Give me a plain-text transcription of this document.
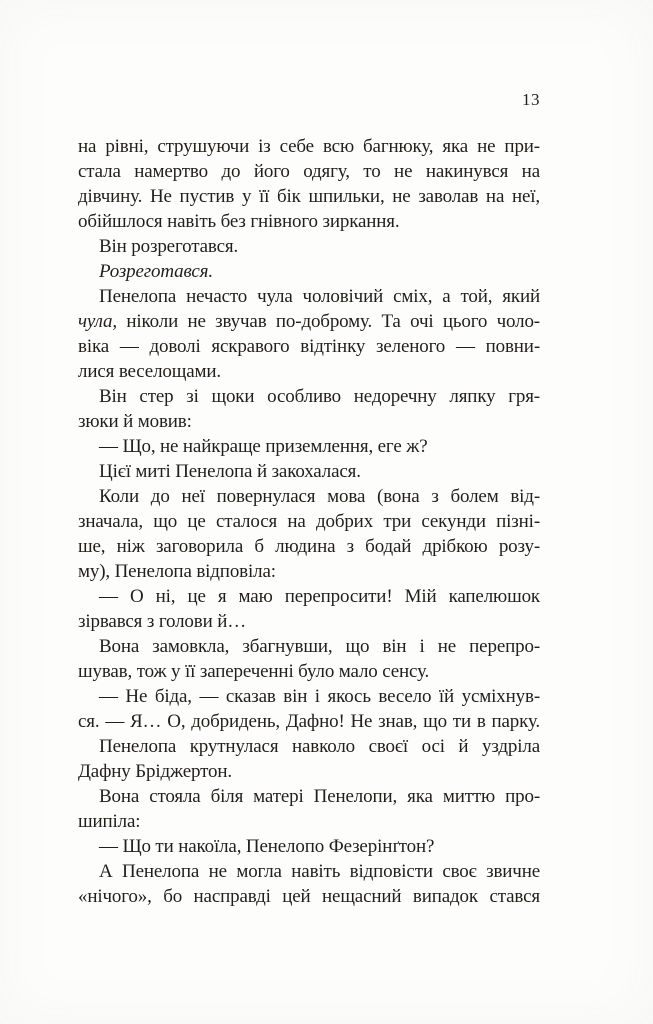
13
на рівні, струшуючи із себе всю багнюку, яка не при-
стала намертво до його одягу, то не накинувся на
дівчину. Не пустив у її бік шпильки, не заволав на неї,
обійшлося навіть без гнівного зиркання.
Він розреготався.
Розреготався.
Пенелопа нечасто чула чоловічий сміх, а той, який
чула, ніколи не звучав по-доброму. Та очі цього чоло-
віка — доволі яскравого відтінку зеленого — повни-
лися веселощами.
Він стер зі щоки особливо недоречну ляпку гря-
зюки й мовив:
— Що, не найкраще приземлення, еге ж?
Цієї миті Пенелопа й закохалася.
Коли до неї повернулася мова (вона з болем від-
значала, що це сталося на добрих три секунди пізні-
ше, ніж заговорила б людина з бодай дрібкою розу-
му), Пенелопа відповіла:
— О ні, це я маю перепросити! Мій капелюшок
зірвався з голови й…
Вона замовкла, збагнувши, що він і не перепро-
шував, тож у її запереченні було мало сенсу.
— Не біда, — сказав він і якось весело їй усміхнув-
ся. — Я… О, добридень, Дафно! Не знав, що ти в парку.
Пенелопа крутнулася навколо своєї осі й уздріла
Дафну Бріджертон.
Вона стояла біля матері Пенелопи, яка миттю про-
шипіла:
— Що ти накоїла, Пенелопо Фезерінґтон?
А Пенелопа не могла навіть відповісти своє звичне
«нічого», бо насправді цей нещасний випадок стався
